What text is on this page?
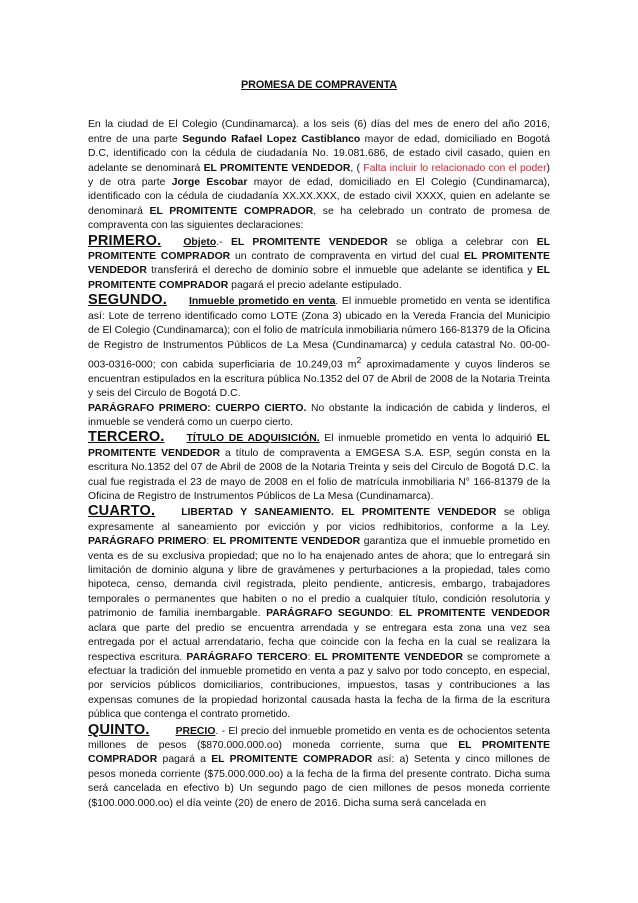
PROMESA DE COMPRAVENTA

En la ciudad de El Colegio (Cundinamarca). a los seis (6) días del mes de enero del año 2016, entre de una parte Segundo Rafael Lopez Castiblanco mayor de edad, domiciliado en Bogotá D.C, identificado con la cédula de ciudadanía No. 19.081.686, de estado civil casado, quien en adelante se denominará EL PROMITENTE VENDEDOR, ( Falta incluir lo relacionado con el poder) y de otra parte Jorge Escobar mayor de edad, domiciliado en El Colegio (Cundinamarca), identificado con la cédula de ciudadanía XX.XX.XXX, de estado civil XXXX, quien en adelante se denominará EL PROMITENTE COMPRADOR, se ha celebrado un contrato de promesa de compraventa con las siguientes declaraciones:

PRIMERO. Objeto.- EL PROMITENTE VENDEDOR se obliga a celebrar con EL PROMITENTE COMPRADOR un contrato de compraventa en virtud del cual EL PROMITENTE VENDEDOR transferirá el derecho de dominio sobre el inmueble que adelante se identifica y EL PROMITENTE COMPRADOR pagará el precio adelante estipulado.

SEGUNDO. Inmueble prometido en venta. El inmueble prometido en venta se identifica así: Lote de terreno identificado como LOTE (Zona 3) ubicado en la Vereda Francia del Municipio de El Colegio (Cundinamarca); con el folio de matrícula inmobiliaria número 166-81379 de la Oficina de Registro de Instrumentos Públicos de La Mesa (Cundinamarca) y cedula catastral No. 00-00-003-0316-000; con cabida superficiaria de 10.249,03 $m^2$ aproximadamente y cuyos linderos se encuentran estipulados en la escritura pública No.1352 del 07 de Abril de 2008 de la Notaria Treinta y seis del Circulo de Bogotá D.C.

PARÁGRAFO PRIMERO: CUERPO CIERTO. No obstante la indicación de cabida y linderos, el inmueble se venderá como un cuerpo cierto.

TERCERO. TÍTULO DE ADQUISICIÓN. El inmueble prometido en venta lo adquirió EL PROMITENTE VENDEDOR a título de compraventa a EMGESA S.A. ESP, según consta en la escritura No.1352 del 07 de Abril de 2008 de la Notaria Treinta y seis del Circulo de Bogotá D.C. la cual fue registrada el 23 de mayo de 2008 en el folio de matrícula inmobiliaria N° 166-81379 de la Oficina de Registro de Instrumentos Públicos de La Mesa (Cundinamarca).

CUARTO.	LIBERTAD Y SANEAMIENTO. EL PROMITENTE VENDEDOR se obliga expresamente al saneamiento por evicción y por vicios redhibitorios, conforme a la Ley. PARÁGRAFO PRIMERO: EL PROMITENTE VENDEDOR garantiza que el inmueble prometido en venta es de su exclusiva propiedad; que no lo ha enajenado antes de ahora; que lo entregará sin limitación de dominio alguna y libre de gravámenes y perturbaciones a la propiedad, tales como hipoteca, censo, demanda civil registrada, pleito pendiente, anticresis, embargo, trabajadores temporales o permanentes que habiten o no el predio a cualquier título, condición resolutoria y patrimonio de familia inembargable. PARÁGRAFO SEGUNDO: EL PROMITENTE VENDEDOR aclara que parte del predio se encuentra arrendada y se entregara esta zona una vez sea entregada por el actual arrendatario, fecha que coincide con la fecha en la cual se realizara la respectiva escritura. PARÁGRAFO TERCERO: EL PROMITENTE VENDEDOR se compromete a efectuar la tradición del inmueble prometido en venta a paz y salvo por todo concepto, en especial, por servicios públicos domiciliarios, contribuciones, impuestos, tasas y contribuciones a las expensas comunes de la propiedad horizontal causada hasta la fecha de la firma de la escritura pública que contenga el contrato prometido.

QUINTO.	PRECIO. - El precio del inmueble prometido en venta es de ochocientos setenta millones de pesos ($870.000.000.oo) moneda corriente, suma que EL PROMITENTE COMPRADOR pagará a EL PROMITENTE COMPRADOR así: a) Setenta y cinco millones de pesos moneda corriente ($75.000.000.oo) a la fecha de la firma del presente contrato. Dicha suma será cancelada en efectivo b) Un segundo pago de cien millones de pesos moneda corriente ($100.000.000.oo) el día veinte (20) de enero de 2016. Dicha suma será cancelada en
